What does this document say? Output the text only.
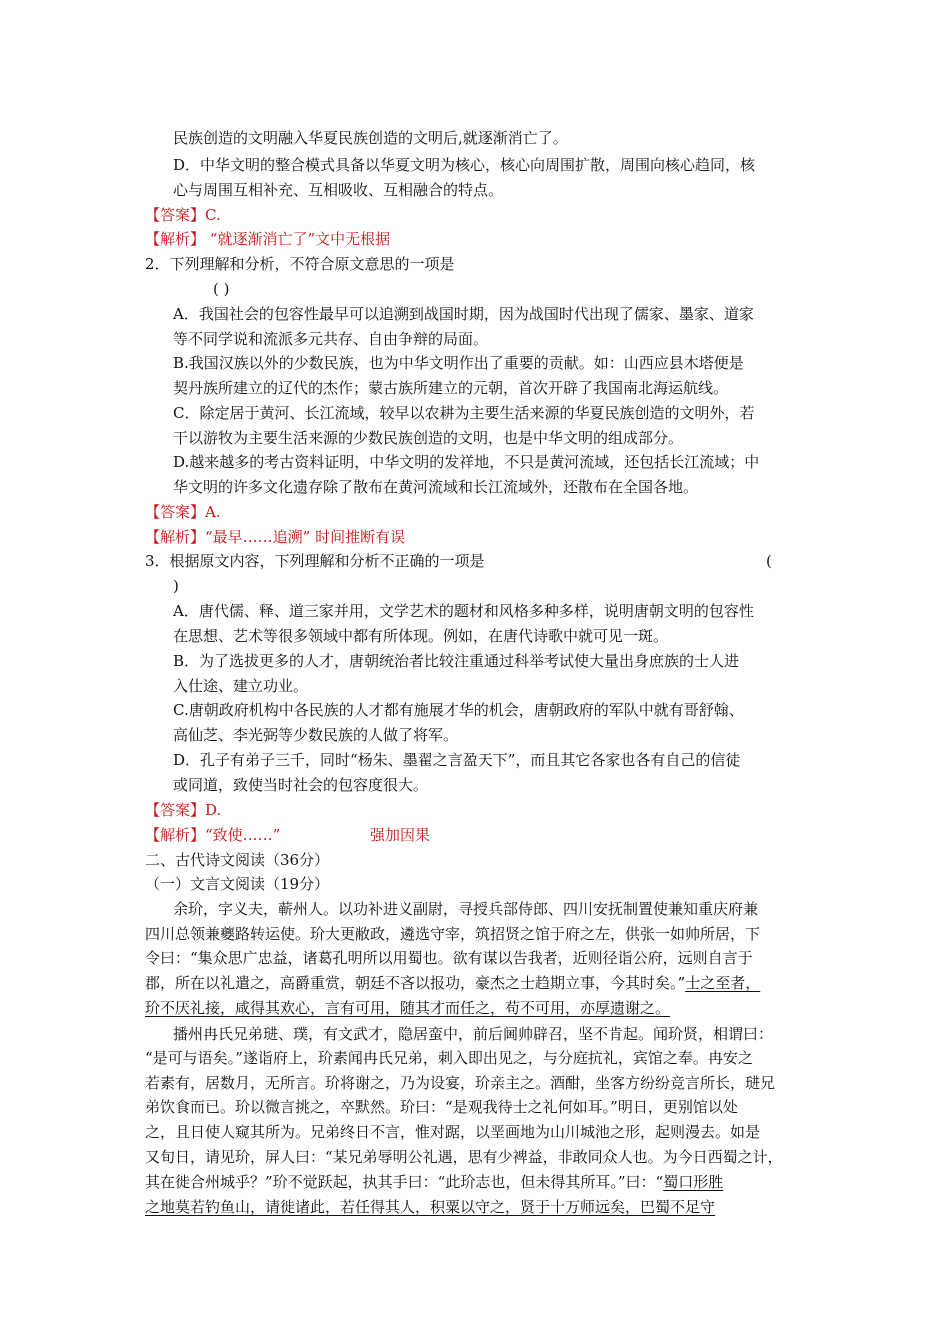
民族创造的文明融入华夏民族创造的文明后,就逐渐消亡了。
D．中华文明的整合模式具备以华夏文明为核心，核心向周围扩散，周围向核心趋同，核
心与周围互相补充、互相吸收、互相融合的特点。
【答案】C.
【解析】 “就逐渐消亡了”文中无根据
2．下列理解和分析，不符合原文意思的一项是
( )
A．我国社会的包容性最早可以追溯到战国时期，因为战国时代出现了儒家、墨家、道家
等不同学说和流派多元共存、自由争辩的局面。
B.我国汉族以外的少数民族，也为中华文明作出了重要的贡献。如：山西应县木塔便是
契丹族所建立的辽代的杰作；蒙古族所建立的元朝，首次开辟了我国南北海运航线。
C．除定居于黄河、长江流域，较早以农耕为主要生活来源的华夏民族创造的文明外，若
干以游牧为主要生活来源的少数民族创造的文明，也是中华文明的组成部分。
D.越来越多的考古资料证明，中华文明的发祥地，不只是黄河流域，还包括长江流域；中
华文明的许多文化遗存除了散布在黄河流域和长江流域外，还散布在全国各地。
【答案】A.
【解析】“最早……追溯” 时间推断有误
3．根据原文内容，下列理解和分析不正确的一项是	(
)
A．唐代儒、释、道三家并用，文学艺术的题材和风格多种多样，说明唐朝文明的包容性
在思想、艺术等很多领域中都有所体现。例如，在唐代诗歌中就可见一斑。
B．为了选拔更多的人才，唐朝统治者比较注重通过科举考试使大量出身庶族的士人进
入仕途、建立功业。
C.唐朝政府机构中各民族的人才都有施展才华的机会，唐朝政府的军队中就有哥舒翰、
高仙芝、李光弼等少数民族的人做了将军。
D．孔子有弟子三千，同时“杨朱、墨翟之言盈天下”，而且其它各家也各有自己的信徒
或同道，致使当时社会的包容度很大。
【答案】D.
【解析】“致使……”	强加因果
二、古代诗文阅读（36分）
（一）文言文阅读（19分）
余玠，字义夫，蕲州人。以功补进义副尉，寻授兵部侍郎、四川安抚制置使兼知重庆府兼
四川总领兼夔路转运使。玠大更敝政，遴选守宰，筑招贤之馆于府之左，供张一如帅所居，下
令曰：“集众思广忠益，诸葛孔明所以用蜀也。欲有谋以告我者，近则径诣公府，远则自言于
郡，所在以礼遣之，高爵重赏，朝廷不吝以报功，豪杰之士趋期立事，今其时矣。”士之至者，
玠不厌礼接，咸得其欢心，言有可用，随其才而任之，苟不可用，亦厚遗谢之。
播州冉氏兄弟琎、璞，有文武才，隐居蛮中，前后阃帅辟召，坚不肯起。闻玠贤，相谓曰：
“是可与语矣。”遂诣府上，玠素闻冉氏兄弟，刺入即出见之，与分庭抗礼，宾馆之奉。冉安之
若素有，居数月，无所言。玠将谢之，乃为设宴，玠亲主之。酒酣，坐客方纷纷竞言所长，琎兄
弟饮食而已。玠以微言挑之，卒默然。玠曰：“是观我待士之礼何如耳。”明日，更别馆以处
之，且日使人窥其所为。兄弟终日不言，惟对踞，以垩画地为山川城池之形，起则漫去。如是
又旬日，请见玠，屏人曰：“某兄弟辱明公礼遇，思有少裨益，非敢同众人也。为今日西蜀之计，
其在徙合州城乎？”玠不觉跃起，执其手曰：“此玠志也，但未得其所耳。”曰：“蜀口形胜
之地莫若钓鱼山，请徙诸此，若任得其人，积粟以守之，贤于十万师远矣，巴蜀不足守
